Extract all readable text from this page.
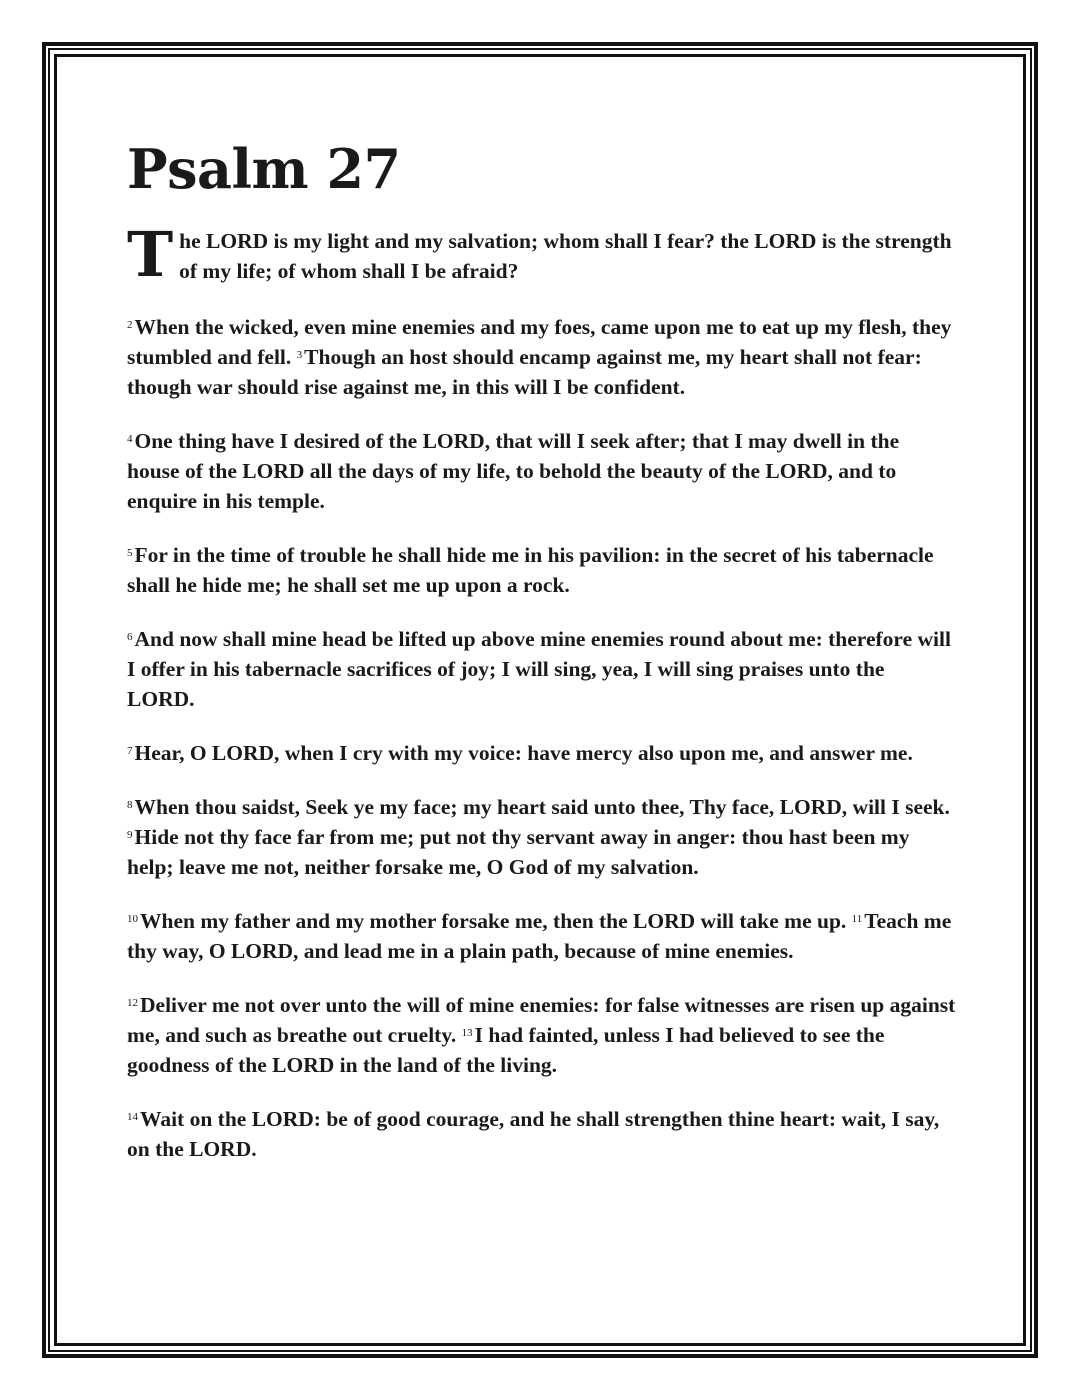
Psalm 27

The LORD is my light and my salvation; whom shall I fear? the LORD is the strength of my life; of whom shall I be afraid?

$^2$When the wicked, even mine enemies and my foes, came upon me to eat up my flesh, they stumbled and fell. $^3$Though an host should encamp against me, my heart shall not fear: though war should rise against me, in this will I be confident.

$^4$One thing have I desired of the LORD, that will I seek after; that I may dwell in the house of the LORD all the days of my life, to behold the beauty of the LORD, and to enquire in his temple.

$^5$For in the time of trouble he shall hide me in his pavilion: in the secret of his tabernacle shall he hide me; he shall set me up upon a rock.

$^6$And now shall mine head be lifted up above mine enemies round about me: therefore will I offer in his tabernacle sacrifices of joy; I will sing, yea, I will sing praises unto the LORD.

$^7$Hear, O LORD, when I cry with my voice: have mercy also upon me, and answer me.

$^8$When thou saidst, Seek ye my face; my heart said unto thee, Thy face, LORD, will I seek. $^9$Hide not thy face far from me; put not thy servant away in anger: thou hast been my help; leave me not, neither forsake me, O God of my salvation.

$^{10}$When my father and my mother forsake me, then the LORD will take me up. $^{11}$Teach me thy way, O LORD, and lead me in a plain path, because of mine enemies.

$^{12}$Deliver me not over unto the will of mine enemies: for false witnesses are risen up against me, and such as breathe out cruelty. $^{13}$I had fainted, unless I had believed to see the goodness of the LORD in the land of the living.

$^{14}$Wait on the LORD: be of good courage, and he shall strengthen thine heart: wait, I say, on the LORD.
